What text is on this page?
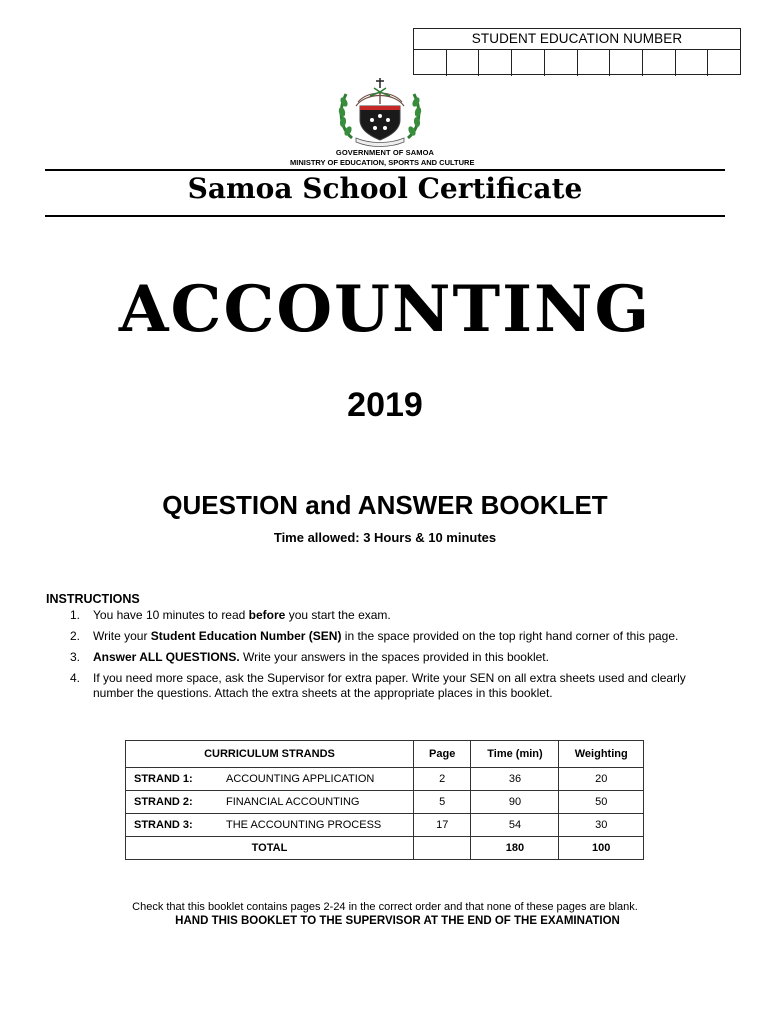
STUDENT EDUCATION NUMBER
GOVERNMENT OF SAMOA
MINISTRY OF EDUCATION, SPORTS AND CULTURE
Samoa School Certificate
ACCOUNTING
2019
QUESTION and ANSWER BOOKLET
Time allowed: 3 Hours & 10 minutes
INSTRUCTIONS
1. You have 10 minutes to read before you start the exam.
2. Write your Student Education Number (SEN) in the space provided on the top right hand corner of this page.
3. Answer ALL QUESTIONS. Write your answers in the spaces provided in this booklet.
4. If you need more space, ask the Supervisor for extra paper. Write your SEN on all extra sheets used and clearly number the questions. Attach the extra sheets at the appropriate places in this booklet.
CURRICULUM STRANDS	Page	Time (min)	Weighting
STRAND 1: ACCOUNTING APPLICATION	2	36	20
STRAND 2: FINANCIAL ACCOUNTING	5	90	50
STRAND 3: THE ACCOUNTING PROCESS	17	54	30
TOTAL		180	100
Check that this booklet contains pages 2-24 in the correct order and that none of these pages are blank.
HAND THIS BOOKLET TO THE SUPERVISOR AT THE END OF THE EXAMINATION
